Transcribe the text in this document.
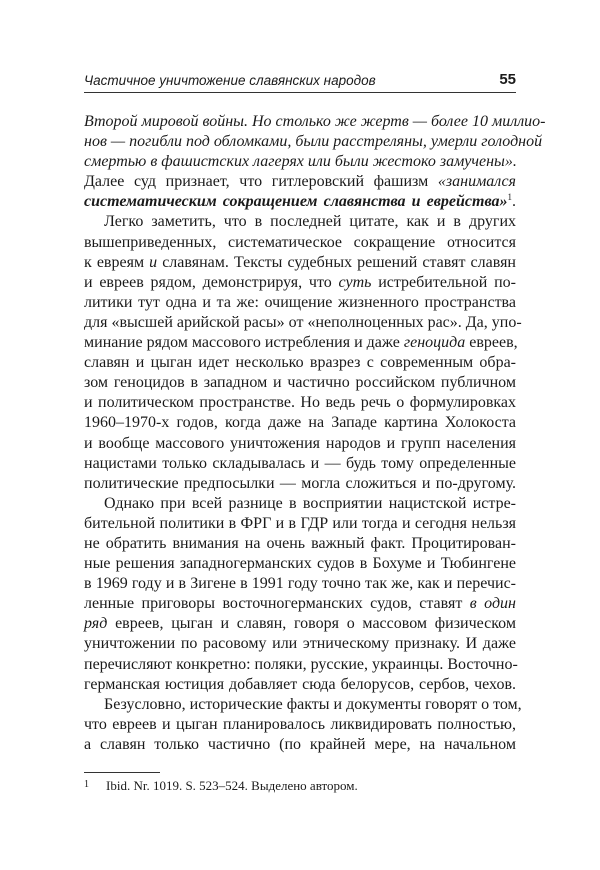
Частичное уничтожение славянских народов	55
Второй мировой войны. Но столько же жертв — более 10 миллио-
нов — погибли под обломками, были расстреляны, умерли голодной
смертью в фашистских лагерях или были жестоко замучены».
Далее суд признает, что гитлеровский фашизм «занимался
систематическим сокращением славянства и еврейства»$^1$.
Легко заметить, что в последней цитате, как и в других
вышеприведенных, систематическое сокращение относится
к евреям и славянам. Тексты судебных решений ставят славян
и евреев рядом, демонстрируя, что суть истребительной по-
литики тут одна и та же: очищение жизненного пространства
для «высшей арийской расы» от «неполноценных рас». Да, упо-
минание рядом массового истребления и даже геноцида евреев,
славян и цыган идет несколько вразрез с современным обра-
зом геноцидов в западном и частично российском публичном
и политическом пространстве. Но ведь речь о формулировках
1960–1970-х годов, когда даже на Западе картина Холокоста
и вообще массового уничтожения народов и групп населения
нацистами только складывалась и — будь тому определенные
политические предпосылки — могла сложиться и по-другому.
Однако при всей разнице в восприятии нацистской истре-
бительной политики в ФРГ и в ГДР или тогда и сегодня нельзя
не обратить внимания на очень важный факт. Процитирован-
ные решения западногерманских судов в Бохуме и Тюбингене
в 1969 году и в Зигене в 1991 году точно так же, как и перечис-
ленные приговоры восточногерманских судов, ставят в один
ряд евреев, цыган и славян, говоря о массовом физическом
уничтожении по расовому или этническому признаку. И даже
перечисляют конкретно: поляки, русские, украинцы. Восточно-
германская юстиция добавляет сюда белорусов, сербов, чехов.
Безусловно, исторические факты и документы говорят о том,
что евреев и цыган планировалось ликвидировать полностью,
а славян только частично (по крайней мере, на начальном
1 Ibid. Nr. 1019. S. 523–524. Выделено автором.
